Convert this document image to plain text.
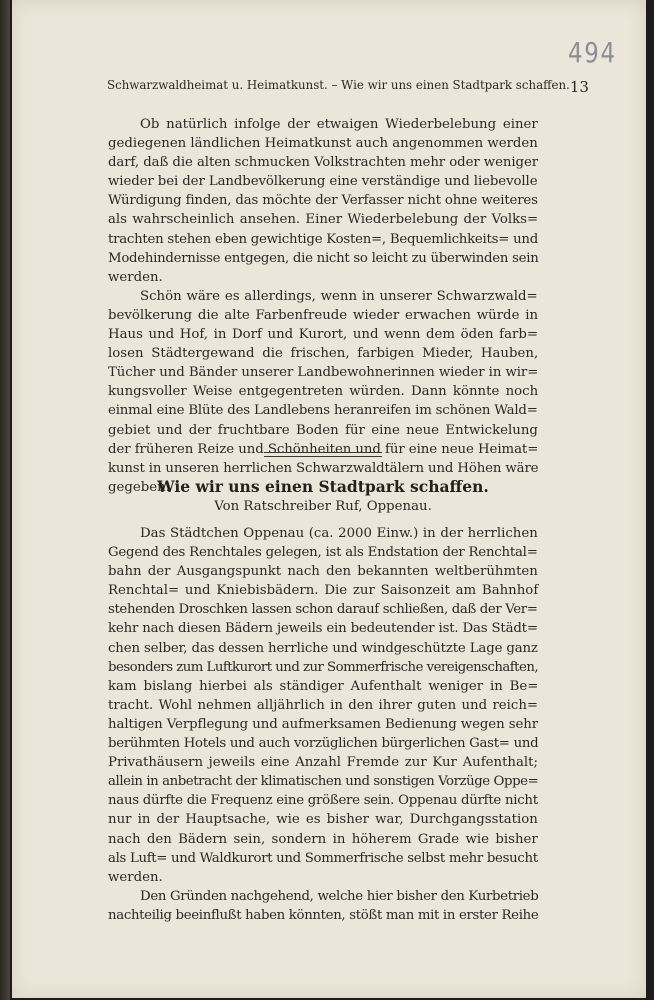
494
Schwarzwaldheimat u. Heimatkunst. – Wie wir uns einen Stadtpark schaffen. 13
Ob natürlich infolge der etwaigen Wiederbelebung einer
gediegenen ländlichen Heimatkunst auch angenommen werden
darf, daß die alten schmucken Volkstrachten mehr oder weniger
wieder bei der Landbevölkerung eine verständige und liebevolle
Würdigung finden, das möchte der Verfasser nicht ohne weiteres
als wahrscheinlich ansehen. Einer Wiederbelebung der Volks=
trachten stehen eben gewichtige Kosten=, Bequemlichkeits= und
Modehindernisse entgegen, die nicht so leicht zu überwinden sein
werden.
Schön wäre es allerdings, wenn in unserer Schwarzwald=
bevölkerung die alte Farbenfreude wieder erwachen würde in
Haus und Hof, in Dorf und Kurort, und wenn dem öden farb=
losen Städtergewand die frischen, farbigen Mieder, Hauben,
Tücher und Bänder unserer Landbewohnerinnen wieder in wir=
kungsvoller Weise entgegentreten würden. Dann könnte noch
einmal eine Blüte des Landlebens heranreifen im schönen Wald=
gebiet und der fruchtbare Boden für eine neue Entwickelung
der früheren Reize und Schönheiten und für eine neue Heimat=
kunst in unseren herrlichen Schwarzwaldtälern und Höhen wäre
gegeben.
Wie wir uns einen Stadtpark schaffen.
Von Ratschreiber Ruf, Oppenau.
Das Städtchen Oppenau (ca. 2000 Einw.) in der herrlichen
Gegend des Renchtales gelegen, ist als Endstation der Renchtal=
bahn der Ausgangspunkt nach den bekannten weltberühmten
Renchtal= und Kniebisbädern. Die zur Saisonzeit am Bahnhof
stehenden Droschken lassen schon darauf schließen, daß der Ver=
kehr nach diesen Bädern jeweils ein bedeutender ist. Das Städt=
chen selber, das dessen herrliche und windgeschützte Lage ganz
besonders zum Luftkurort und zur Sommerfrische vereigenschaften,
kam bislang hierbei als ständiger Aufenthalt weniger in Be=
tracht. Wohl nehmen alljährlich in den ihrer guten und reich=
haltigen Verpflegung und aufmerksamen Bedienung wegen sehr
berühmten Hotels und auch vorzüglichen bürgerlichen Gast= und
Privathäusern jeweils eine Anzahl Fremde zur Kur Aufenthalt;
allein in anbetracht der klimatischen und sonstigen Vorzüge Oppe=
naus dürfte die Frequenz eine größere sein. Oppenau dürfte nicht
nur in der Hauptsache, wie es bisher war, Durchgangsstation
nach den Bädern sein, sondern in höherem Grade wie bisher
als Luft= und Waldkurort und Sommerfrische selbst mehr besucht
werden.
Den Gründen nachgehend, welche hier bisher den Kurbetrieb
nachteilig beeinflußt haben könnten, stößt man mit in erster Reihe
